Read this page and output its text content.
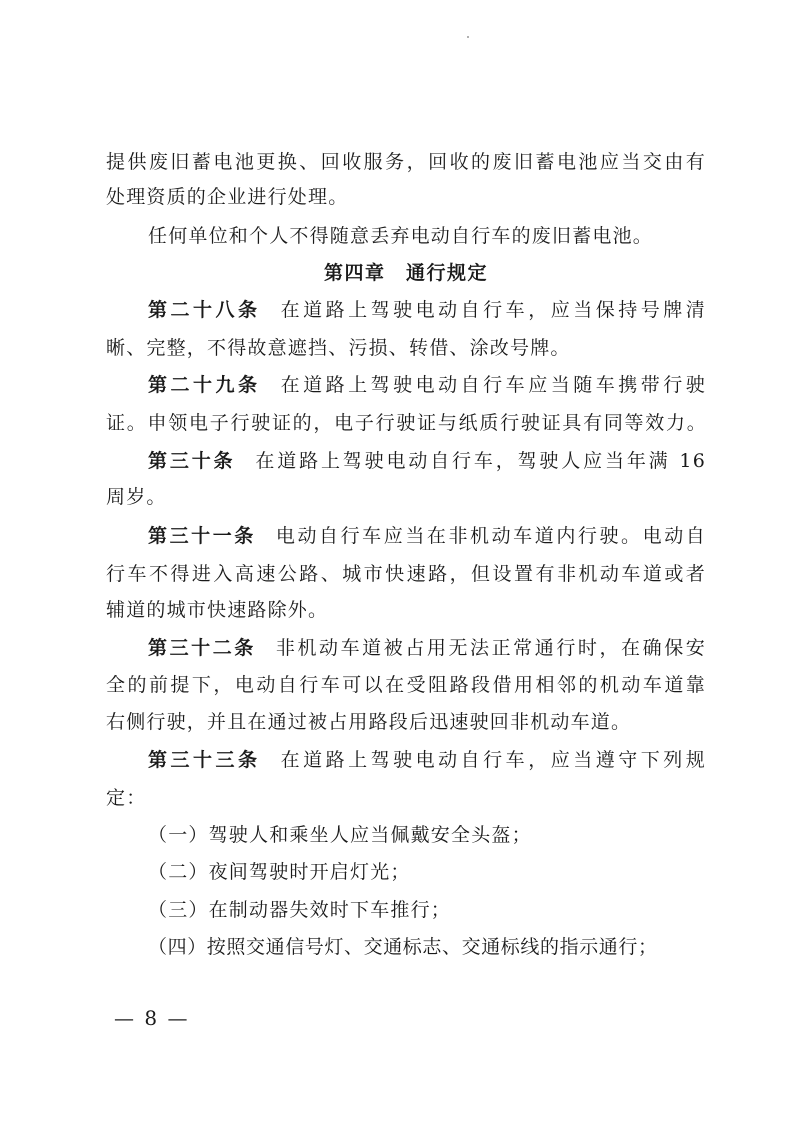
提供废旧蓄电池更换、回收服务，回收的废旧蓄电池应当交由有
处理资质的企业进行处理。
任何单位和个人不得随意丢弃电动自行车的废旧蓄电池。
第四章　通行规定
第二十八条 在道路上驾驶电动自行车，应当保持号牌清
晰、完整，不得故意遮挡、污损、转借、涂改号牌。
第二十九条 在道路上驾驶电动自行车应当随车携带行驶
证。申领电子行驶证的，电子行驶证与纸质行驶证具有同等效力。
第三十条 在道路上驾驶电动自行车，驾驶人应当年满 16
周岁。
第三十一条 电动自行车应当在非机动车道内行驶。电动自
行车不得进入高速公路、城市快速路，但设置有非机动车道或者
辅道的城市快速路除外。
第三十二条 非机动车道被占用无法正常通行时，在确保安
全的前提下，电动自行车可以在受阻路段借用相邻的机动车道靠
右侧行驶，并且在通过被占用路段后迅速驶回非机动车道。
第三十三条 在道路上驾驶电动自行车，应当遵守下列规
定：
（一）驾驶人和乘坐人应当佩戴安全头盔；
（二）夜间驾驶时开启灯光；
（三）在制动器失效时下车推行；
（四）按照交通信号灯、交通标志、交通标线的指示通行；
— 8 —
